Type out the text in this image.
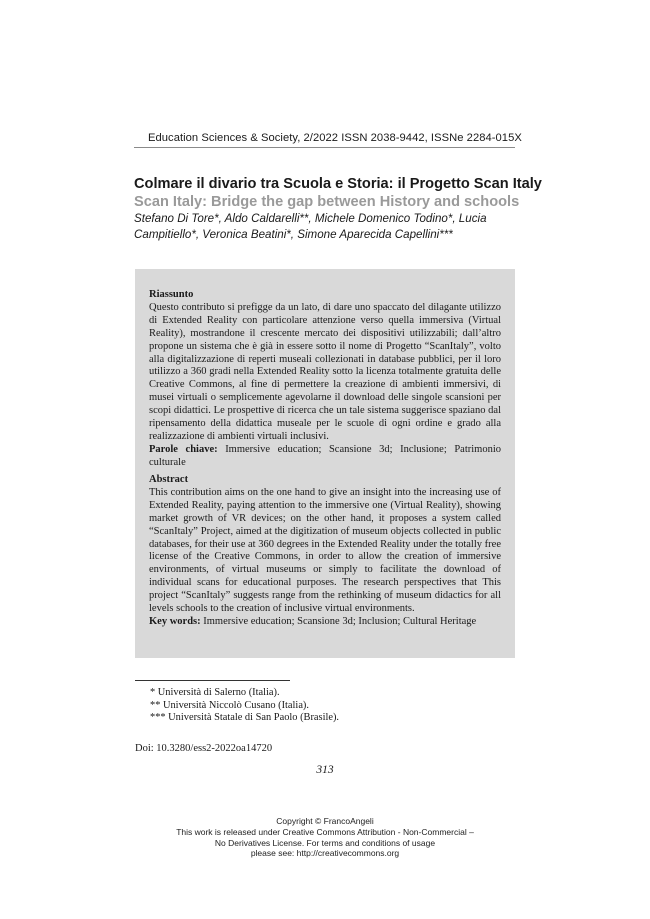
Education Sciences & Society, 2/2022 ISSN 2038-9442, ISSNe 2284-015X
Colmare il divario tra Scuola e Storia: il Progetto Scan Italy
Scan Italy: Bridge the gap between History and schools
Stefano Di Tore*, Aldo Caldarelli**, Michele Domenico Todino*, Lucia Campitiello*, Veronica Beatini*, Simone Aparecida Capellini***

Riassunto

Questo contributo si prefigge da un lato, di dare uno spaccato del dilagante utilizzo di Extended Reality con particolare attenzione verso quella immersiva (Virtual Reality), mostrandone il crescente mercato dei dispositivi utilizzabili; dall’altro propone un sistema che è già in essere sotto il nome di Progetto “ScanItaly”, volto alla digitalizzazione di reperti museali collezionati in database pubblici, per il loro utilizzo a 360 gradi nella Extended Reality sotto la licenza totalmente gratuita delle Creative Commons, al fine di permettere la creazione di ambienti immersivi, di musei virtuali o semplicemente agevolarne il download delle singole scansioni per scopi didattici. Le prospettive di ricerca che un tale sistema suggerisce spaziano dal ripensamento della didattica museale per le scuole di ogni ordine e grado alla realizzazione di ambienti virtuali inclusivi.

Parole chiave: Immersive education; Scansione 3d; Inclusione; Patrimonio culturale

Abstract

This contribution aims on the one hand to give an insight into the increasing use of Extended Reality, paying attention to the immersive one (Virtual Reality), showing market growth of VR devices; on the other hand, it proposes a system called “ScanItaly” Project, aimed at the digitization of museum objects collected in public databases, for their use at 360 degrees in the Extended Reality under the totally free license of the Creative Commons, in order to allow the creation of immersive environments, of virtual museums or simply to facilitate the download of individual scans for educational purposes. The research perspectives that This project “ScanItaly” suggests range from the rethinking of museum didactics for all levels schools to the creation of inclusive virtual environments.

Key words: Immersive education; Scansione 3d; Inclusion; Cultural Heritage

* Università di Salerno (Italia).
** Università Niccolò Cusano (Italia).
*** Università Statale di San Paolo (Brasile).
Doi: 10.3280/ess2-2022oa14720
313
Copyright © FrancoAngeli
This work is released under Creative Commons Attribution - Non-Commercial –
No Derivatives License. For terms and conditions of usage
please see: http://creativecommons.org
